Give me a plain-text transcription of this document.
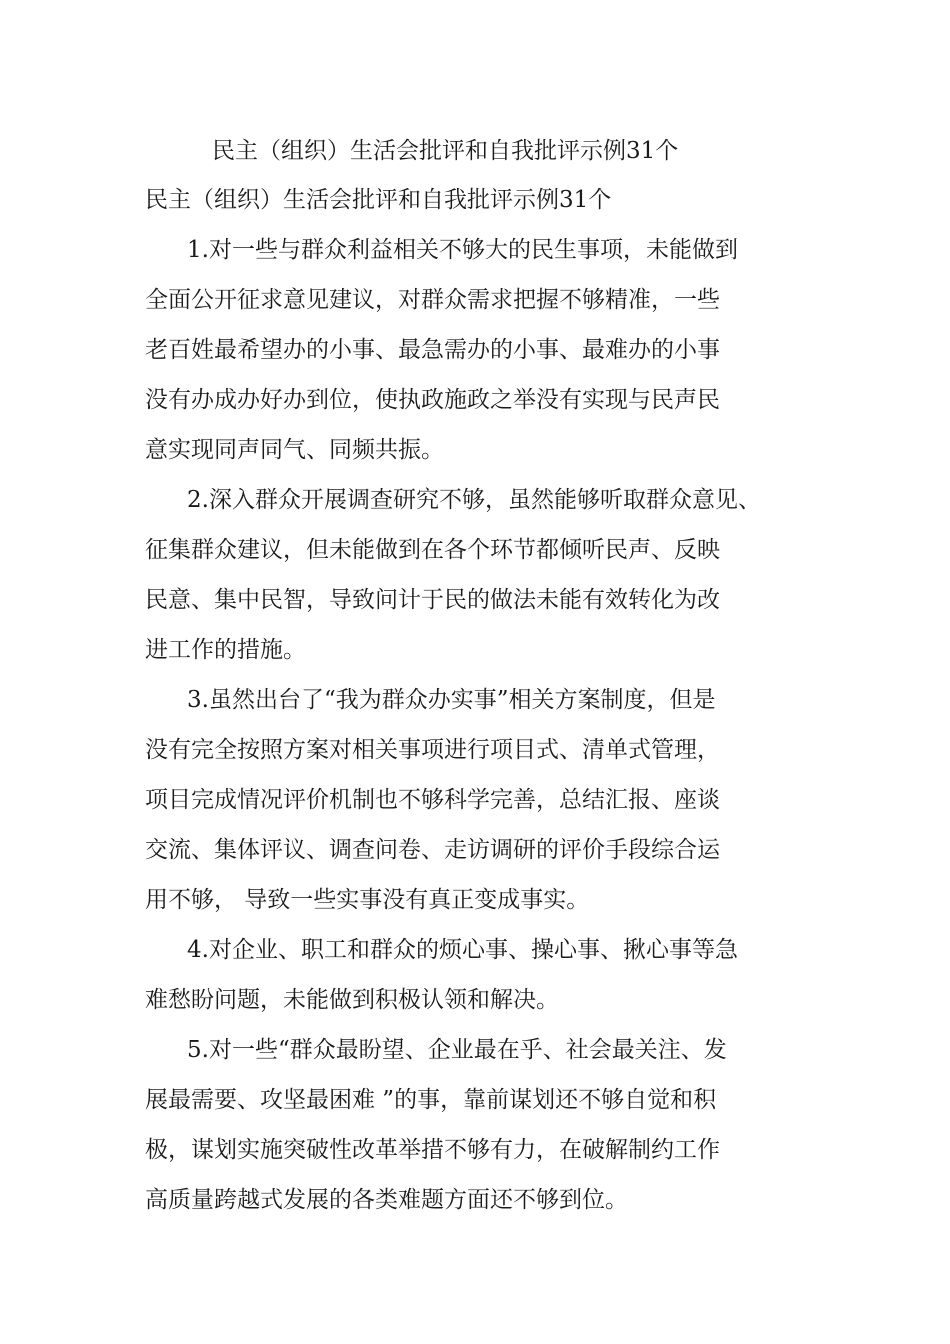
民主（组织）生活会批评和自我批评示例31个
民主（组织）生活会批评和自我批评示例31个
1.对一些与群众利益相关不够大的民生事项，未能做到
全面公开征求意见建议，对群众需求把握不够精准，一些
老百姓最希望办的小事、最急需办的小事、最难办的小事
没有办成办好办到位，使执政施政之举没有实现与民声民
意实现同声同气、同频共振。
2.深入群众开展调查研究不够，虽然能够听取群众意见、
征集群众建议，但未能做到在各个环节都倾听民声、反映
民意、集中民智，导致问计于民的做法未能有效转化为改
进工作的措施。
3.虽然出台了“我为群众办实事”相关方案制度，但是
没有完全按照方案对相关事项进行项目式、清单式管理，
项目完成情况评价机制也不够科学完善，总结汇报、座谈
交流、集体评议、调查问卷、走访调研的评价手段综合运
用不够， 导致一些实事没有真正变成事实。
4.对企业、职工和群众的烦心事、操心事、揪心事等急
难愁盼问题，未能做到积极认领和解决。
5.对一些“群众最盼望、企业最在乎、社会最关注、发
展最需要、攻坚最困难 ”的事，靠前谋划还不够自觉和积
极，谋划实施突破性改革举措不够有力，在破解制约工作
高质量跨越式发展的各类难题方面还不够到位。
